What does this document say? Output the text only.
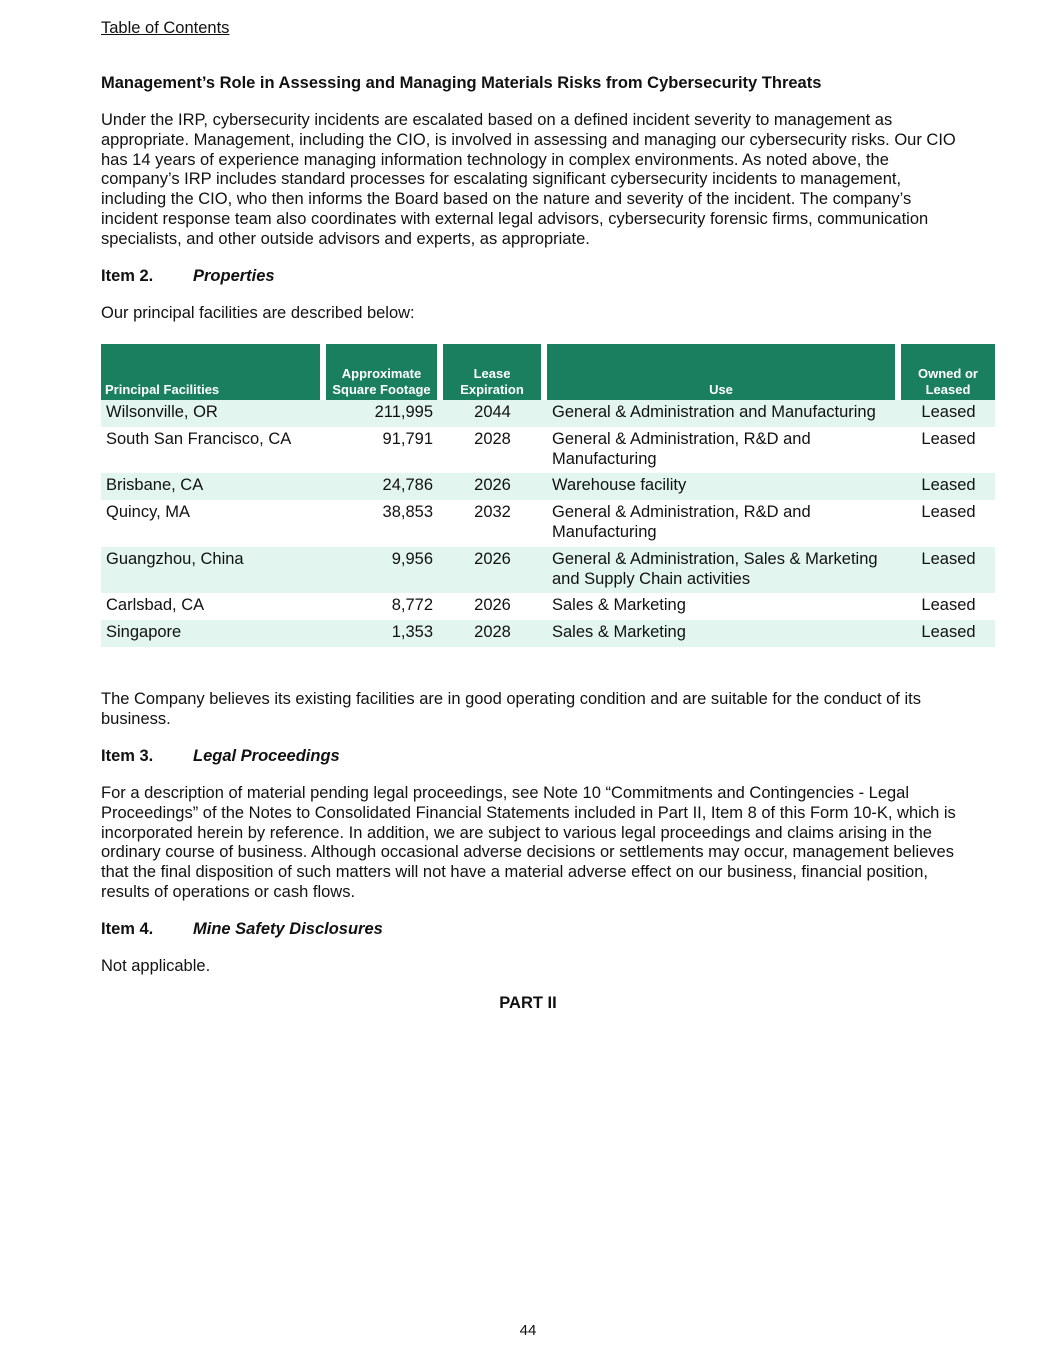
Table of Contents
Management’s Role in Assessing and Managing Materials Risks from Cybersecurity Threats
Under the IRP, cybersecurity incidents are escalated based on a defined incident severity to management as appropriate. Management, including the CIO, is involved in assessing and managing our cybersecurity risks. Our CIO has 14 years of experience managing information technology in complex environments. As noted above, the company’s IRP includes standard processes for escalating significant cybersecurity incidents to management, including the CIO, who then informs the Board based on the nature and severity of the incident. The company’s incident response team also coordinates with external legal advisors, cybersecurity forensic firms, communication specialists, and other outside advisors and experts, as appropriate.
Item 2. Properties
Our principal facilities are described below:
Principal Facilities	Approximate Square Footage	Lease Expiration	Use	Owned or Leased
Wilsonville, OR	211,995	2044	General & Administration and Manufacturing	Leased
South San Francisco, CA	91,791	2028	General & Administration, R&D and Manufacturing	Leased
Brisbane, CA	24,786	2026	Warehouse facility	Leased
Quincy, MA	38,853	2032	General & Administration, R&D and Manufacturing	Leased
Guangzhou, China	9,956	2026	General & Administration, Sales & Marketing and Supply Chain activities	Leased
Carlsbad, CA	8,772	2026	Sales & Marketing	Leased
Singapore	1,353	2028	Sales & Marketing	Leased
The Company believes its existing facilities are in good operating condition and are suitable for the conduct of its business.
Item 3. Legal Proceedings
For a description of material pending legal proceedings, see Note 10 “Commitments and Contingencies - Legal Proceedings” of the Notes to Consolidated Financial Statements included in Part II, Item 8 of this Form 10-K, which is incorporated herein by reference. In addition, we are subject to various legal proceedings and claims arising in the ordinary course of business. Although occasional adverse decisions or settlements may occur, management believes that the final disposition of such matters will not have a material adverse effect on our business, financial position, results of operations or cash flows.
Item 4. Mine Safety Disclosures
Not applicable.
PART II
44
